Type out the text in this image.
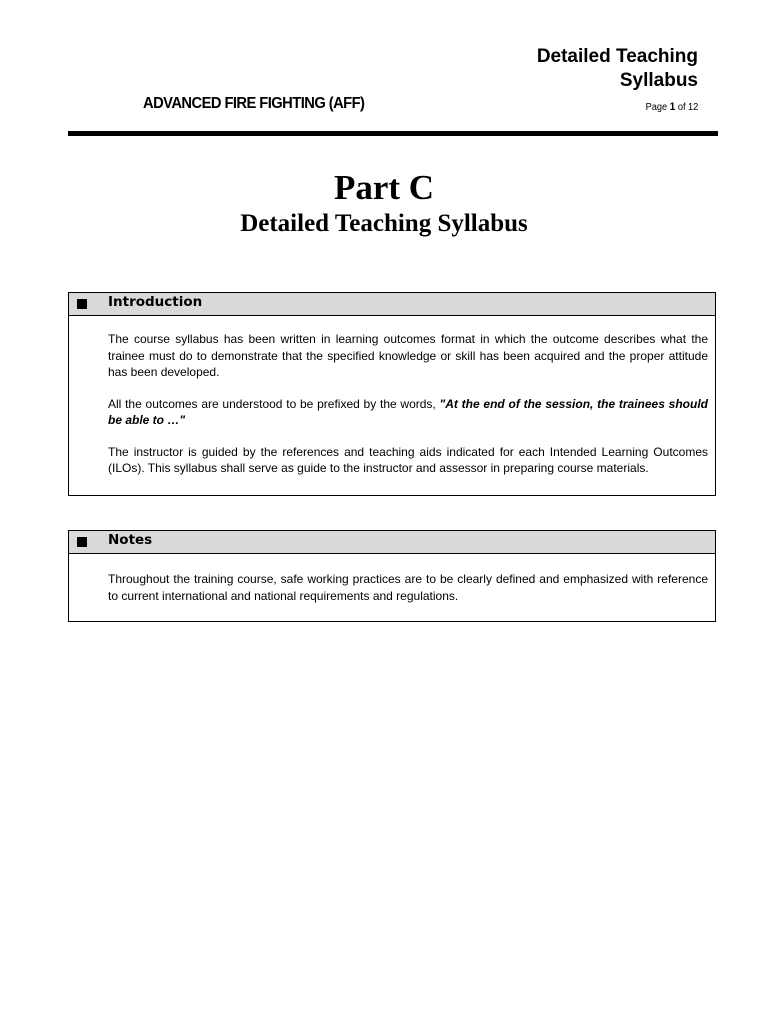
Detailed Teaching
Syllabus
ADVANCED FIRE FIGHTING (AFF)	Page 1 of 12
Part C
Detailed Teaching Syllabus
Introduction

The course syllabus has been written in learning outcomes format in which the outcome describes what the trainee must do to demonstrate that the specified knowledge or skill has been acquired and the proper attitude has been developed.

All the outcomes are understood to be prefixed by the words, "At the end of the session, the trainees should be able to …"

The instructor is guided by the references and teaching aids indicated for each Intended Learning Outcomes (ILOs). This syllabus shall serve as guide to the instructor and assessor in preparing course materials.

Notes

Throughout the training course, safe working practices are to be clearly defined and emphasized with reference to current international and national requirements and regulations.
